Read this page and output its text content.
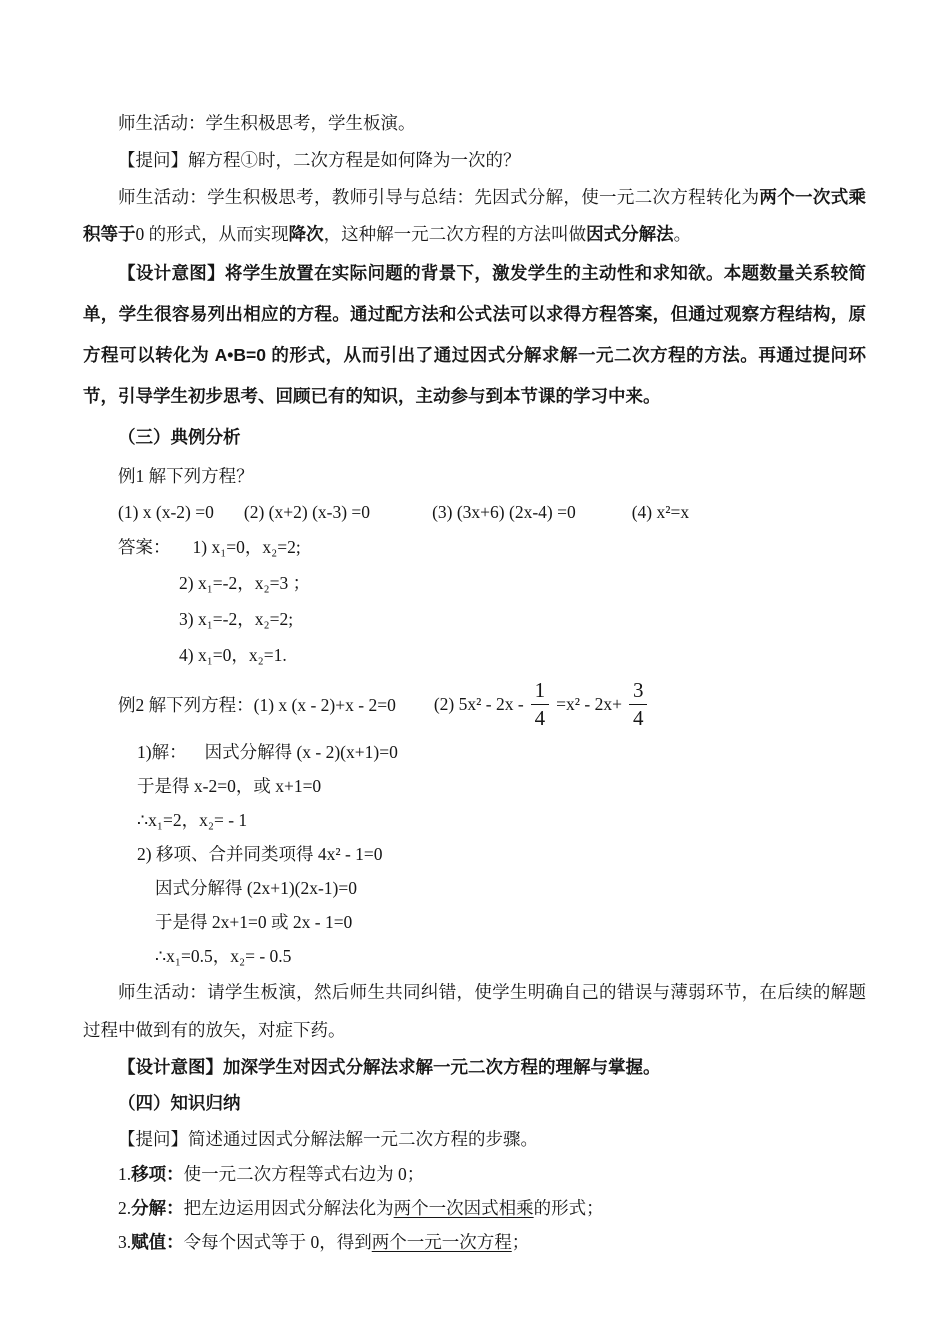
师生活动：学生积极思考，学生板演。

【提问】解方程①时，二次方程是如何降为一次的？

师生活动：学生积极思考，教师引导与总结：先因式分解，使一元二次方程转化为两个一次式乘积等于0 的形式，从而实现降次，这种解一元二次方程的方法叫做因式分解法。

【设计意图】将学生放置在实际问题的背景下，激发学生的主动性和求知欲。本题数量关系较简单，学生很容易列出相应的方程。通过配方法和公式法可以求得方程答案，但通过观察方程结构，原方程可以转化为 A•B=0 的形式，从而引出了通过因式分解求解一元二次方程的方法。再通过提问环节，引导学生初步思考、回顾已有的知识，主动参与到本节课的学习中来。

（三）典例分析

例1 解下列方程？

(1) x (x-2) =0 (2) (x+2) (x-3) =0	(3) (3x+6) (2x-4) =0	(4) x²=x

答案： 1) x₁=0，x₂=2;

2) x₁=-2，x₂=3 ；

3) x₁=-2，x₂=2;

4) x₁=0，x₂=1.

例2 解下列方程：(1) x (x - 2)+x - 2=0 (2) $5x^2 - 2x - \frac{1}{4} =x^2 - 2x+ \frac{3}{4}$

1)解： 因式分解得 (x - 2)(x+1)=0

于是得 x-2=0，或 x+1=0

∴x₁=2，x₂= - 1

2) 移项、合并同类项得 4x² - 1=0

因式分解得 (2x+1)(2x-1)=0

于是得 2x+1=0 或 2x - 1=0

∴x₁=0.5，x₂= - 0.5

师生活动：请学生板演，然后师生共同纠错，使学生明确自己的错误与薄弱环节，在后续的解题过程中做到有的放矢，对症下药。

【设计意图】加深学生对因式分解法求解一元二次方程的理解与掌握。

（四）知识归纳

【提问】简述通过因式分解法解一元二次方程的步骤。

1.移项：使一元二次方程等式右边为 0；

2.分解：把左边运用因式分解法化为两个一次因式相乘的形式；

3.赋值：令每个因式等于 0，得到两个一元一次方程；
